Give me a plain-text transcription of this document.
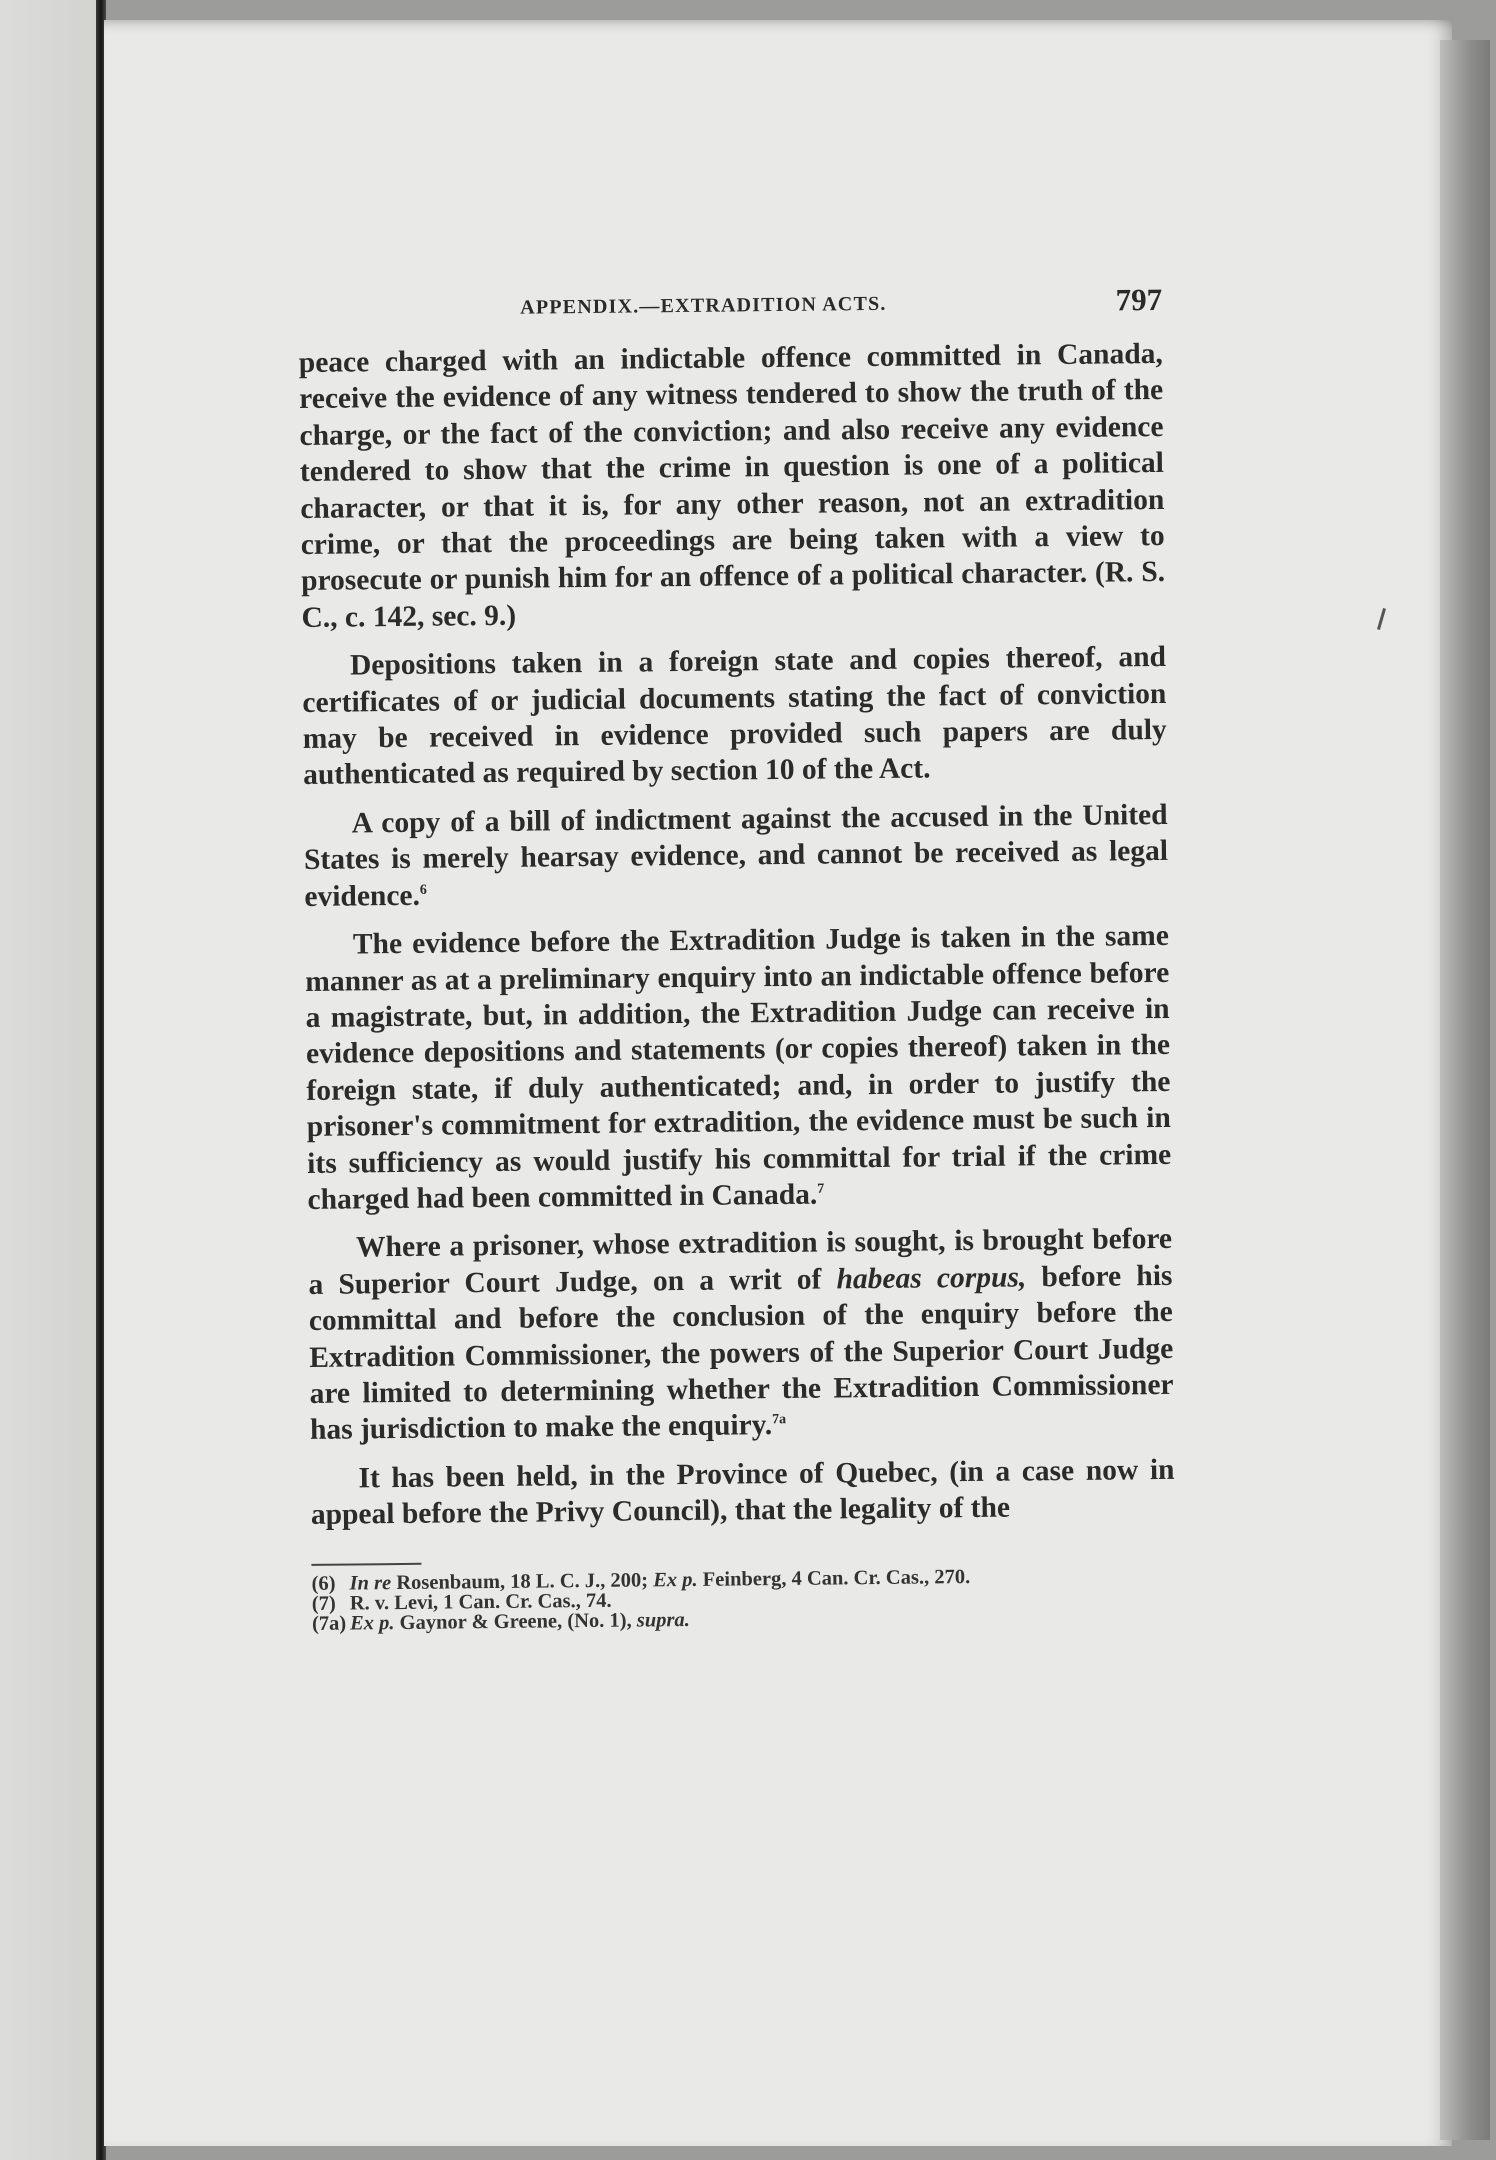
APPENDIX.—EXTRADITION ACTS.	797

peace charged with an indictable offence committed in Canada, receive the evidence of any witness tendered to show the truth of the charge, or the fact of the conviction; and also receive any evidence tendered to show that the crime in question is one of a political character, or that it is, for any other reason, not an extradition crime, or that the proceedings are being taken with a view to prosecute or punish him for an offence of a political character. (R. S. C., c. 142, sec. 9.)

Depositions taken in a foreign state and copies thereof, and certificates of or judicial documents stating the fact of conviction may be received in evidence provided such papers are duly authenticated as required by section 10 of the Act.

A copy of a bill of indictment against the accused in the United States is merely hearsay evidence, and cannot be received as legal evidence.$^6$

The evidence before the Extradition Judge is taken in the same manner as at a preliminary enquiry into an indictable offence before a magistrate, but, in addition, the Extradition Judge can receive in evidence depositions and statements (or copies thereof) taken in the foreign state, if duly authenticated; and, in order to justify the prisoner's commitment for extradition, the evidence must be such in its sufficiency as would justify his committal for trial if the crime charged had been committed in Canada.$^7$

Where a prisoner, whose extradition is sought, is brought before a Superior Court Judge, on a writ of habeas corpus, before his committal and before the conclusion of the enquiry before the Extradition Commissioner, the powers of the Superior Court Judge are limited to determining whether the Extradition Commissioner has jurisdiction to make the enquiry.$^{7a}$

It has been held, in the Province of Quebec, (in a case now in appeal before the Privy Council), that the legality of the

(6) In re Rosenbaum, 18 L. C. J., 200; Ex p. Feinberg, 4 Can. Cr. Cas., 270.

(7) R. v. Levi, 1 Can. Cr. Cas., 74.

(7a) Ex p. Gaynor & Greene, (No. 1), supra.
